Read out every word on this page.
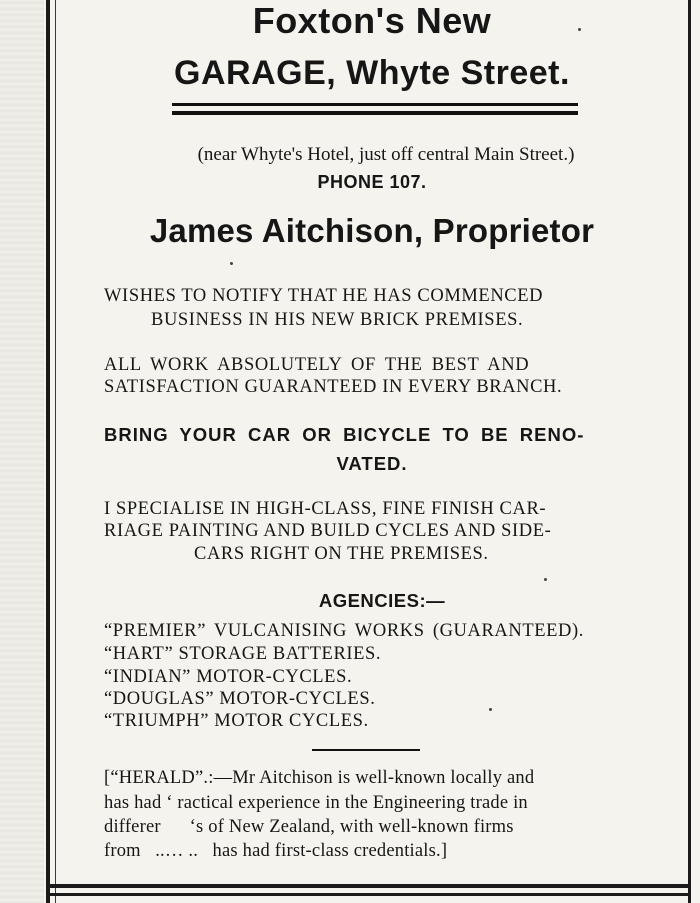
Foxton's New
GARAGE, Whyte Street.
(near Whyte's Hotel, just off central Main Street.)
PHONE 107.
James Aitchison, Proprietor
WISHES TO NOTIFY THAT HE HAS COMMENCED
BUSINESS IN HIS NEW BRICK PREMISES.
ALL WORK ABSOLUTELY OF THE BEST AND
SATISFACTION GUARANTEED IN EVERY BRANCH.
BRING YOUR CAR OR BICYCLE TO BE RENO-
VATED.
I SPECIALISE IN HIGH-CLASS, FINE FINISH CAR-
RIAGE PAINTING AND BUILD CYCLES AND SIDE-
CARS RIGHT ON THE PREMISES.
AGENCIES:—
“PREMIER” VULCANISING WORKS (GUARANTEED).
“HART” STORAGE BATTERIES.
“INDIAN” MOTOR-CYCLES.
“DOUGLAS” MOTOR-CYCLES.
“TRIUMPH” MOTOR CYCLES.
[“HERALD”.:—Mr Aitchison is well-known locally and
has had ʻ ractical experience in the Engineering trade in
differer      ‘s of New Zealand, with well-known firms
from   ..… ..   has had first-class credentials.]
